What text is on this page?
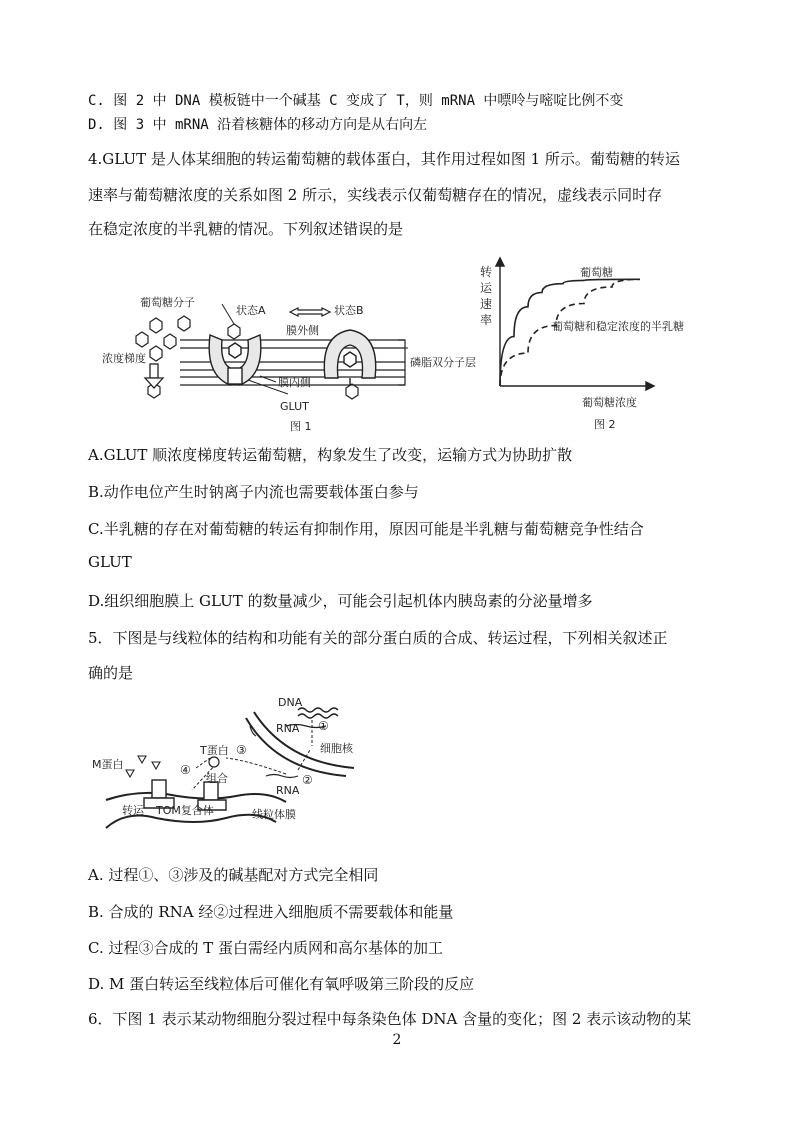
C. 图 2 中 DNA 模板链中一个碱基 C 变成了 T，则 mRNA 中嘌呤与嘧啶比例不变
D. 图 3 中 mRNA 沿着核糖体的移动方向是从右向左
4.GLUT 是人体某细胞的转运葡萄糖的载体蛋白，其作用过程如图 1 所示。葡萄糖的转运
速率与葡萄糖浓度的关系如图 2 所示，实线表示仅葡萄糖存在的情况，虚线表示同时存
在稳定浓度的半乳糖的情况。下列叙述错误的是
葡萄糖分子
状态A	状态B
膜外侧
浓度梯度	磷脂双分子层
膜内侧
GLUT
图 1
转
运
速
率
葡萄糖
葡萄糖和稳定浓度的半乳糖
葡萄糖浓度
图 2
A.GLUT 顺浓度梯度转运葡萄糖，构象发生了改变，运输方式为协助扩散
B.动作电位产生时钠离子内流也需要载体蛋白参与
C.半乳糖的存在对葡萄糖的转运有抑制作用，原因可能是半乳糖与葡萄糖竞争性结合
GLUT
D.组织细胞膜上 GLUT 的数量减少，可能会引起机体内胰岛素的分泌量增多
5．下图是与线粒体的结构和功能有关的部分蛋白质的合成、转运过程，下列相关叙述正
确的是
DNA
RNA ①
细胞核
T蛋白 ③
M蛋白	④
组合	②
RNA
转运 TOM复合体	线粒体膜
A. 过程①、③涉及的碱基配对方式完全相同
B. 合成的 RNA 经②过程进入细胞质不需要载体和能量
C. 过程③合成的 T 蛋白需经内质网和高尔基体的加工
D. M 蛋白转运至线粒体后可催化有氧呼吸第三阶段的反应
6．下图 1 表示某动物细胞分裂过程中每条染色体 DNA 含量的变化；图 2 表示该动物的某
2
